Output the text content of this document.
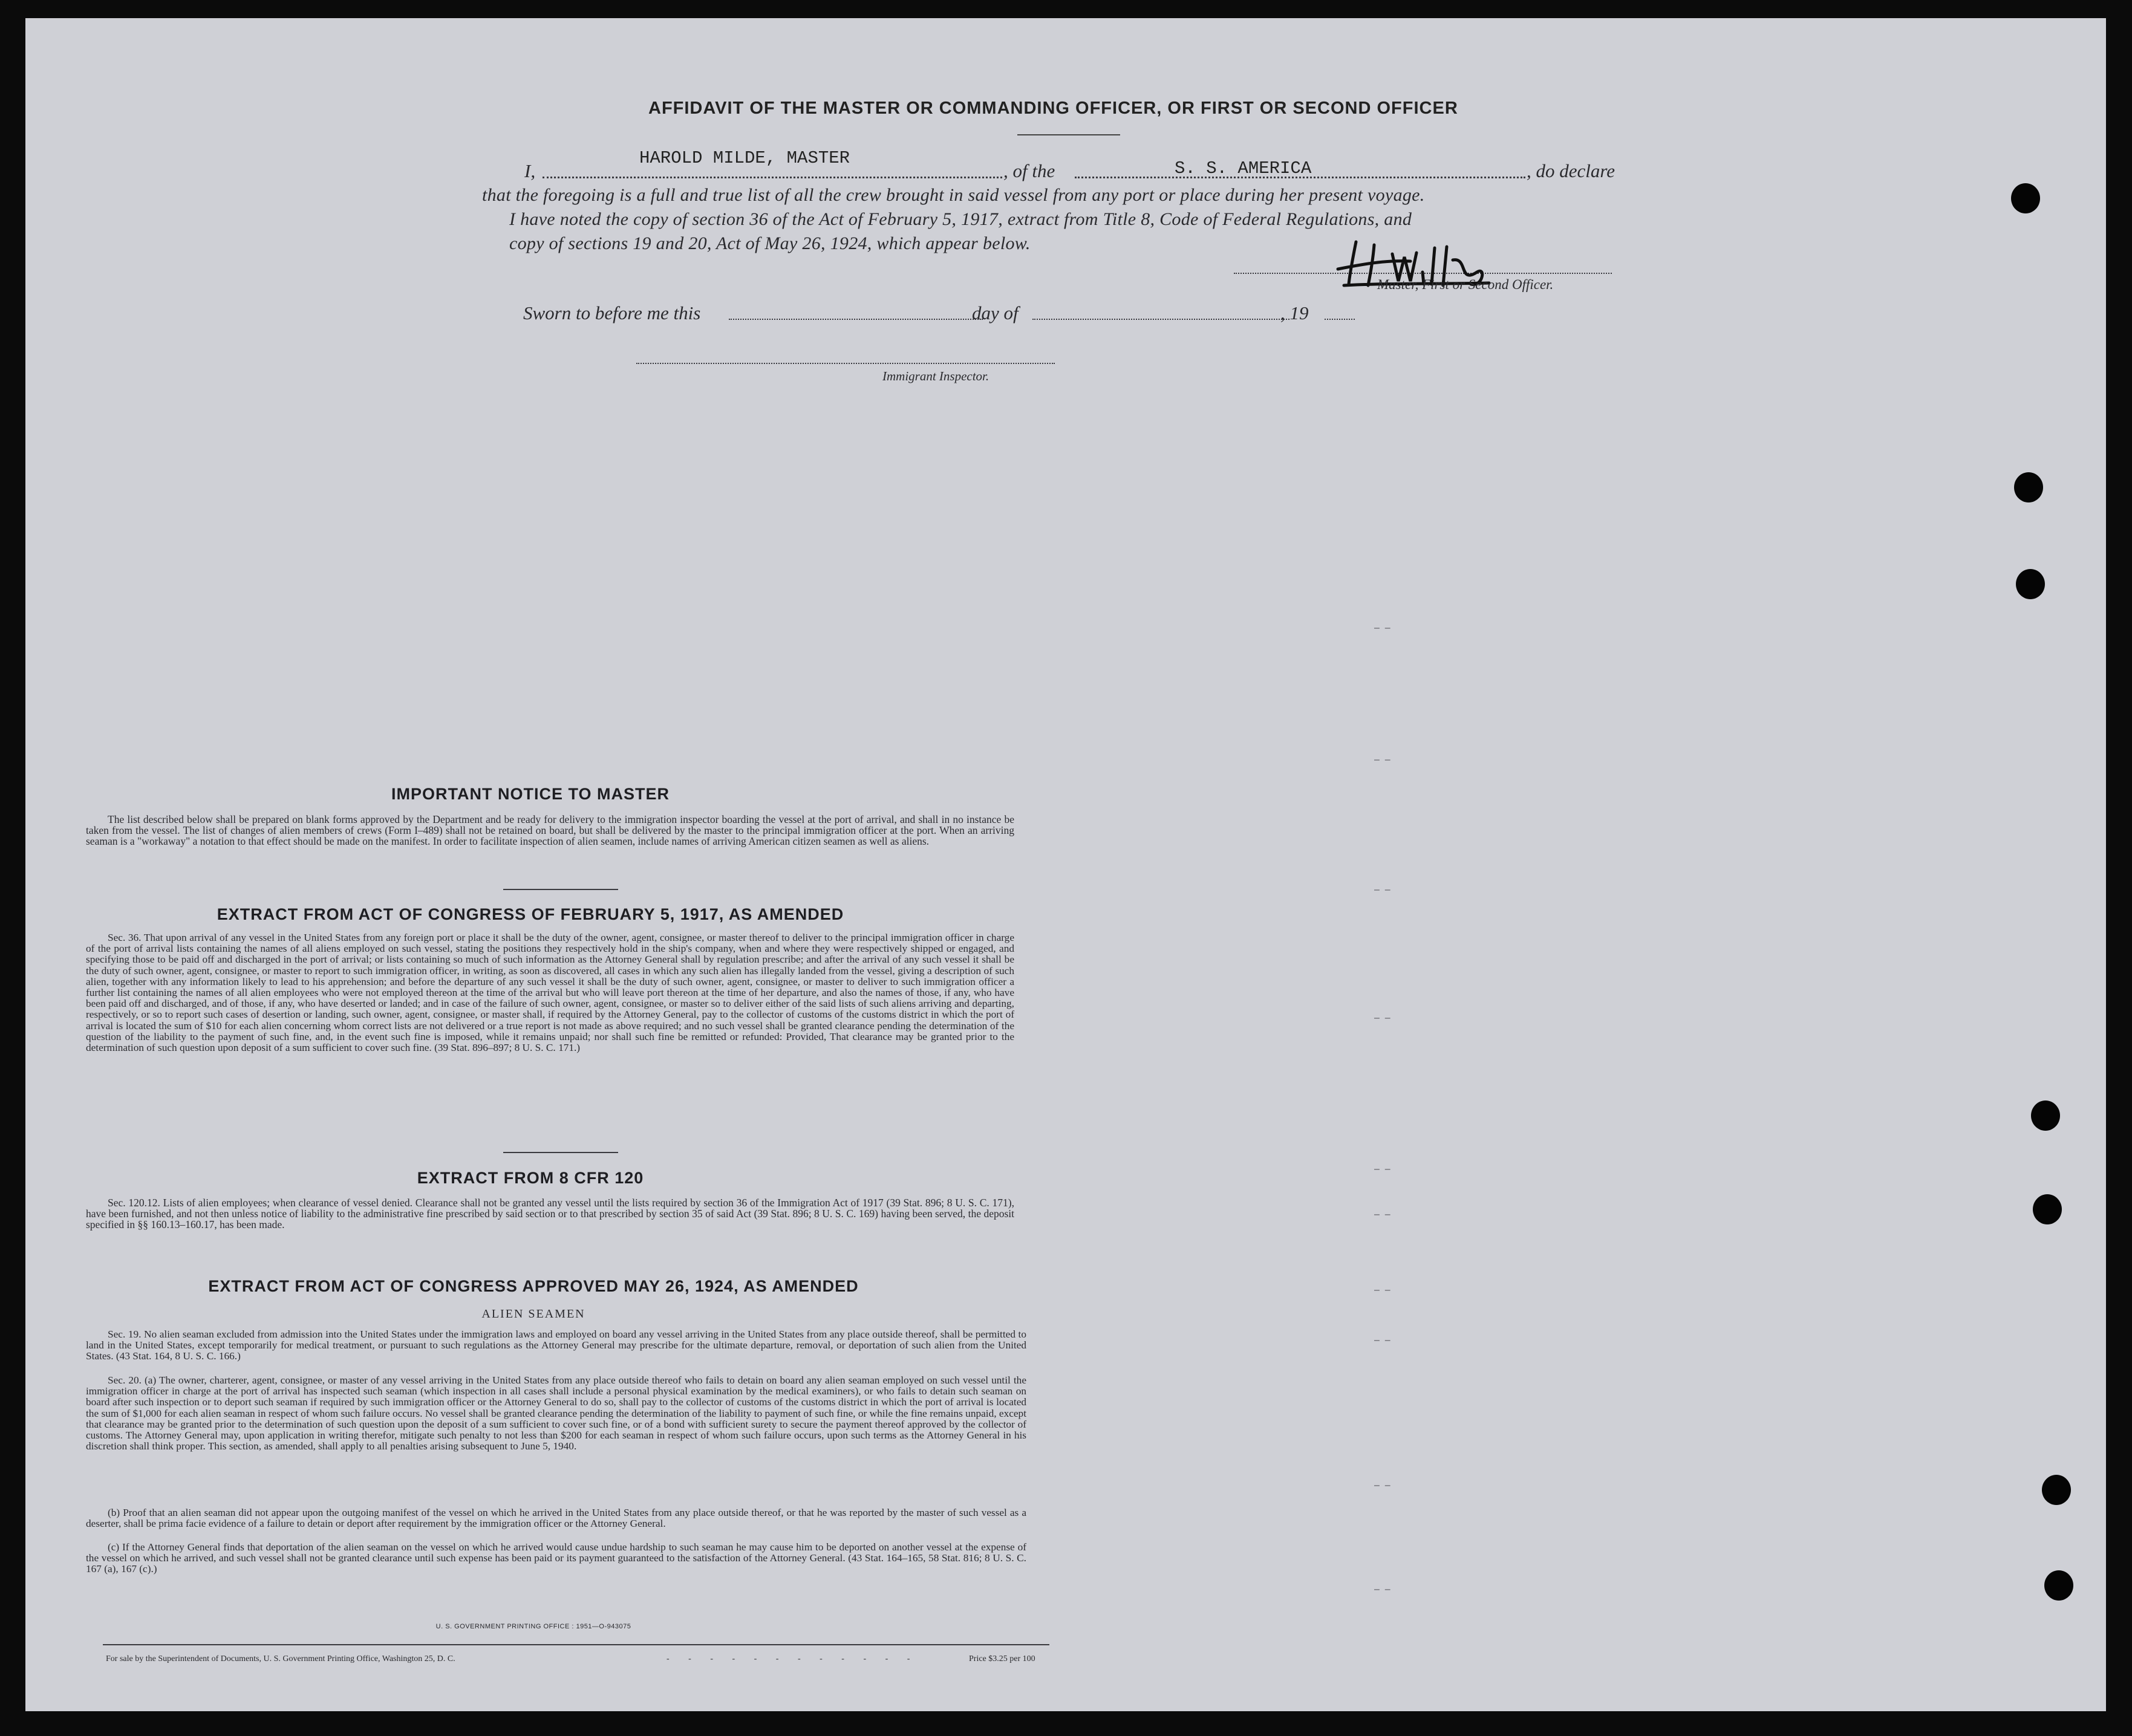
AFFIDAVIT OF THE MASTER OR COMMANDING OFFICER, OR FIRST OR SECOND OFFICER
I,
HAROLD MILDE, MASTER
, of the	S. S. AMERICA	, do declare
that the foregoing is a full and true list of all the crew brought in said vessel from any port or place during her present voyage.
I have noted the copy of section 36 of the Act of February 5, 1917, extract from Title 8, Code of Federal Regulations, and
copy of sections 19 and 20, Act of May 26, 1924, which appear below.
Master, First or Second Officer.
Sworn to before me this	day of	, 19
Immigrant Inspector.
IMPORTANT NOTICE TO MASTER
The list described below shall be prepared on blank forms approved by the Department and be ready for delivery to the immigration inspector boarding the vessel at the port of arrival, and shall in no instance be taken from the vessel. The list of changes of alien members of crews (Form I–489) shall not be retained on board, but shall be delivered by the master to the principal immigration officer at the port. When an arriving seaman is a "workaway" a notation to that effect should be made on the manifest. In order to facilitate inspection of alien seamen, include names of arriving American citizen seamen as well as aliens.
EXTRACT FROM ACT OF CONGRESS OF FEBRUARY 5, 1917, AS AMENDED
Sec. 36. That upon arrival of any vessel in the United States from any foreign port or place it shall be the duty of the owner, agent, consignee, or master thereof to deliver to the principal immigration officer in charge of the port of arrival lists containing the names of all aliens employed on such vessel, stating the positions they respectively hold in the ship's company, when and where they were respectively shipped or engaged, and specifying those to be paid off and discharged in the port of arrival; or lists containing so much of such information as the Attorney General shall by regulation prescribe; and after the arrival of any such vessel it shall be the duty of such owner, agent, consignee, or master to report to such immigration officer, in writing, as soon as discovered, all cases in which any such alien has illegally landed from the vessel, giving a description of such alien, together with any information likely to lead to his apprehension; and before the departure of any such vessel it shall be the duty of such owner, agent, consignee, or master to deliver to such immigration officer a further list containing the names of all alien employees who were not employed thereon at the time of the arrival but who will leave port thereon at the time of her departure, and also the names of those, if any, who have been paid off and discharged, and of those, if any, who have deserted or landed; and in case of the failure of such owner, agent, consignee, or master so to deliver either of the said lists of such aliens arriving and departing, respectively, or so to report such cases of desertion or landing, such owner, agent, consignee, or master shall, if required by the Attorney General, pay to the collector of customs of the customs district in which the port of arrival is located the sum of $10 for each alien concerning whom correct lists are not delivered or a true report is not made as above required; and no such vessel shall be granted clearance pending the determination of the question of the liability to the payment of such fine, and, in the event such fine is imposed, while it remains unpaid; nor shall such fine be remitted or refunded: Provided, That clearance may be granted prior to the determination of such question upon deposit of a sum sufficient to cover such fine. (39 Stat. 896–897; 8 U. S. C. 171.)
EXTRACT FROM 8 CFR 120
Sec. 120.12. Lists of alien employees; when clearance of vessel denied. Clearance shall not be granted any vessel until the lists required by section 36 of the Immigration Act of 1917 (39 Stat. 896; 8 U. S. C. 171), have been furnished, and not then unless notice of liability to the administrative fine prescribed by said section or to that prescribed by section 35 of said Act (39 Stat. 896; 8 U. S. C. 169) having been served, the deposit specified in §§ 160.13–160.17, has been made.
EXTRACT FROM ACT OF CONGRESS APPROVED MAY 26, 1924, AS AMENDED
ALIEN SEAMEN
Sec. 19. No alien seaman excluded from admission into the United States under the immigration laws and employed on board any vessel arriving in the United States from any place outside thereof, shall be permitted to land in the United States, except temporarily for medical treatment, or pursuant to such regulations as the Attorney General may prescribe for the ultimate departure, removal, or deportation of such alien from the United States. (43 Stat. 164, 8 U. S. C. 166.)
Sec. 20. (a) The owner, charterer, agent, consignee, or master of any vessel arriving in the United States from any place outside thereof who fails to detain on board any alien seaman employed on such vessel until the immigration officer in charge at the port of arrival has inspected such seaman (which inspection in all cases shall include a personal physical examination by the medical examiners), or who fails to detain such seaman on board after such inspection or to deport such seaman if required by such immigration officer or the Attorney General to do so, shall pay to the collector of customs of the customs district in which the port of arrival is located the sum of $1,000 for each alien seaman in respect of whom such failure occurs. No vessel shall be granted clearance pending the determination of the liability to payment of such fine, or while the fine remains unpaid, except that clearance may be granted prior to the determination of such question upon the deposit of a sum sufficient to cover such fine, or of a bond with sufficient surety to secure the payment thereof approved by the collector of customs. The Attorney General may, upon application in writing therefor, mitigate such penalty to not less than $200 for each seaman in respect of whom such failure occurs, upon such terms as the Attorney General in his discretion shall think proper. This section, as amended, shall apply to all penalties arising subsequent to June 5, 1940.
(b) Proof that an alien seaman did not appear upon the outgoing manifest of the vessel on which he arrived in the United States from any place outside thereof, or that he was reported by the master of such vessel as a deserter, shall be prima facie evidence of a failure to detain or deport after requirement by the immigration officer or the Attorney General.
(c) If the Attorney General finds that deportation of the alien seaman on the vessel on which he arrived would cause undue hardship to such seaman he may cause him to be deported on another vessel at the expense of the vessel on which he arrived, and such vessel shall not be granted clearance until such expense has been paid or its payment guaranteed to the satisfaction of the Attorney General. (43 Stat. 164–165, 58 Stat. 816; 8 U. S. C. 167 (a), 167 (c).)
U. S. GOVERNMENT PRINTING OFFICE : 1951—O-943075
For sale by the Superintendent of Documents, U. S. Government Printing Office, Washington 25, D. C.	- - - - - - - - - - - -	Price $3.25 per 100
–  –
–  –
–  –
–  –
–  –
–  –
–  –
–  –
–  –
–  –
